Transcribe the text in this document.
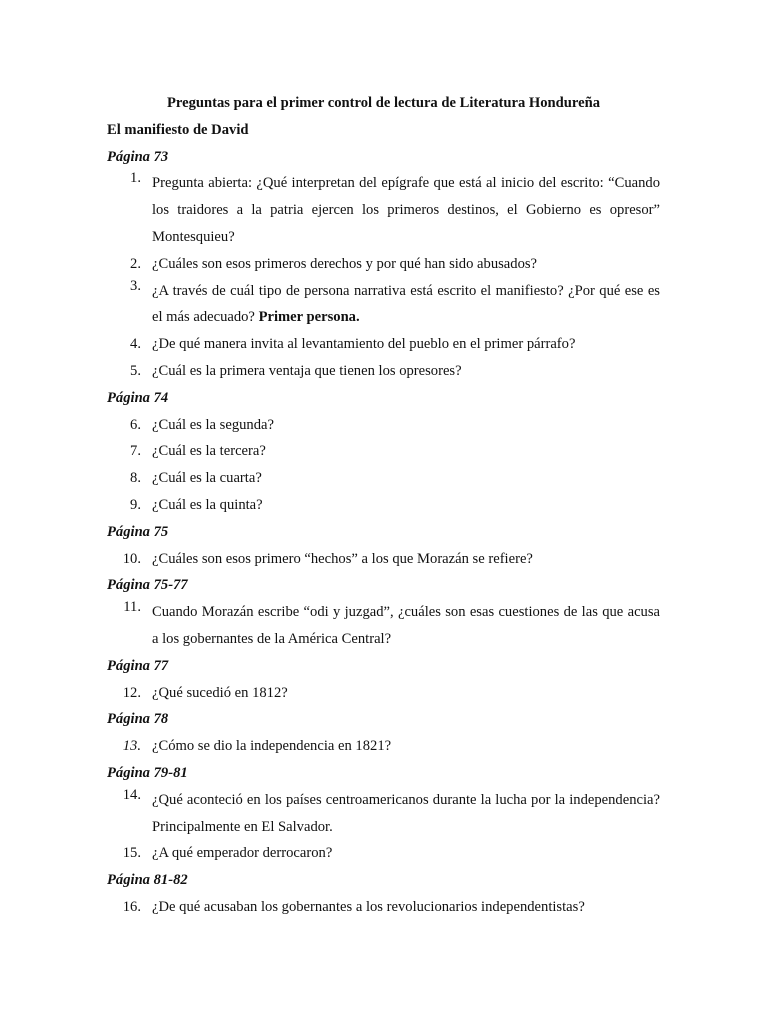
Preguntas para el primer control de lectura de Literatura Hondureña
El manifiesto de David
Página 73
1. Pregunta abierta: ¿Qué interpretan del epígrafe que está al inicio del escrito: “Cuando los traidores a la patria ejercen los primeros destinos, el Gobierno es opresor” Montesquieu?
2. ¿Cuáles son esos primeros derechos y por qué han sido abusados?
3. ¿A través de cuál tipo de persona narrativa está escrito el manifiesto? ¿Por qué ese es el más adecuado? Primer persona.
4. ¿De qué manera invita al levantamiento del pueblo en el primer párrafo?
5. ¿Cuál es la primera ventaja que tienen los opresores?
Página 74
6. ¿Cuál es la segunda?
7. ¿Cuál es la tercera?
8. ¿Cuál es la cuarta?
9. ¿Cuál es la quinta?
Página 75
10. ¿Cuáles son esos primero “hechos” a los que Morazán se refiere?
Página 75-77
11. Cuando Morazán escribe “odi y juzgad”, ¿cuáles son esas cuestiones de las que acusa a los gobernantes de la América Central?
Página 77
12. ¿Qué sucedió en 1812?
Página 78
13. ¿Cómo se dio la independencia en 1821?
Página 79-81
14. ¿Qué aconteció en los países centroamericanos durante la lucha por la independencia? Principalmente en El Salvador.
15. ¿A qué emperador derrocaron?
Página 81-82
16. ¿De qué acusaban los gobernantes a los revolucionarios independentistas?
